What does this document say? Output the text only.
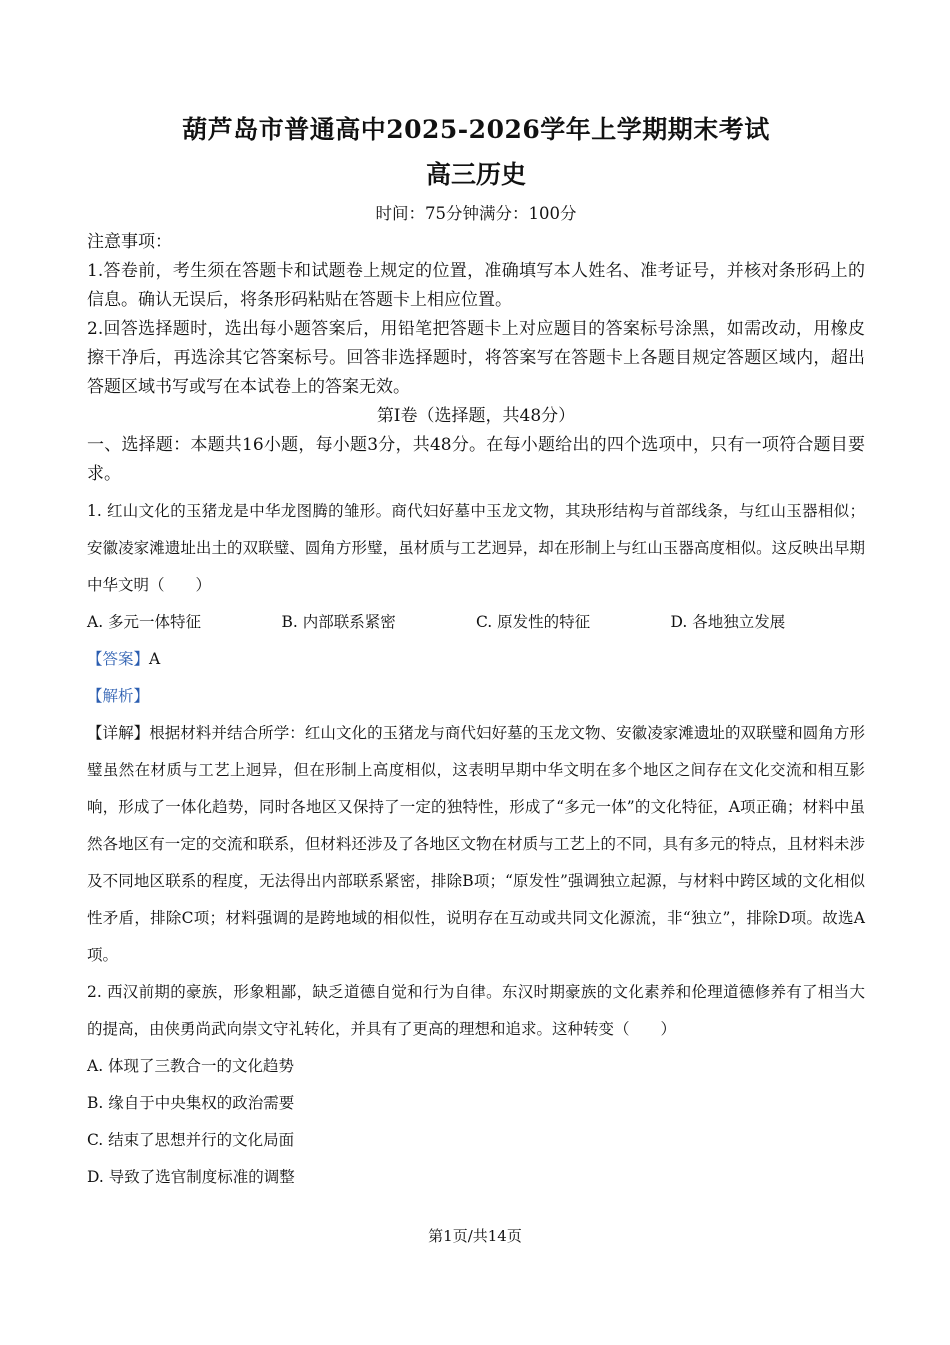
葫芦岛市普通高中2025-2026学年上学期期末考试
高三历史

时间：75分钟满分：100分

注意事项：

1.答卷前，考生须在答题卡和试题卷上规定的位置，准确填写本人姓名、准考证号，并核对条形码上的信息。确认无误后，将条形码粘贴在答题卡上相应位置。

2.回答选择题时，选出每小题答案后，用铅笔把答题卡上对应题目的答案标号涂黑，如需改动，用橡皮擦干净后，再选涂其它答案标号。回答非选择题时，将答案写在答题卡上各题目规定答题区域内，超出答题区域书写或写在本试卷上的答案无效。

第Ⅰ卷（选择题，共48分）

一、选择题：本题共16小题，每小题3分，共48分。在每小题给出的四个选项中，只有一项符合题目要求。

1. 红山文化的玉猪龙是中华龙图腾的雏形。商代妇好墓中玉龙文物，其玦形结构与首部线条，与红山玉器相似；安徽凌家滩遗址出土的双联璧、圆角方形璧，虽材质与工艺迥异，却在形制上与红山玉器高度相似。这反映出早期中华文明（　　）

A. 多元一体特征	B. 内部联系紧密	C. 原发性的特征	D. 各地独立发展

【答案】A

【解析】

【详解】根据材料并结合所学：红山文化的玉猪龙与商代妇好墓的玉龙文物、安徽凌家滩遗址的双联璧和圆角方形璧虽然在材质与工艺上迥异，但在形制上高度相似，这表明早期中华文明在多个地区之间存在文化交流和相互影响，形成了一体化趋势，同时各地区又保持了一定的独特性，形成了“多元一体”的文化特征，A项正确；材料中虽然各地区有一定的交流和联系，但材料还涉及了各地区文物在材质与工艺上的不同，具有多元的特点，且材料未涉及不同地区联系的程度，无法得出内部联系紧密，排除B项；“原发性”强调独立起源，与材料中跨区域的文化相似性矛盾，排除C项；材料强调的是跨地域的相似性，说明存在互动或共同文化源流，非“独立”，排除D项。故选A项。

2. 西汉前期的豪族，形象粗鄙，缺乏道德自觉和行为自律。东汉时期豪族的文化素养和伦理道德修养有了相当大的提高，由侠勇尚武向崇文守礼转化，并具有了更高的理想和追求。这种转变（　　）

A. 体现了三教合一的文化趋势
B. 缘自于中央集权的政治需要
C. 结束了思想并行的文化局面
D. 导致了选官制度标准的调整
第1页/共14页
